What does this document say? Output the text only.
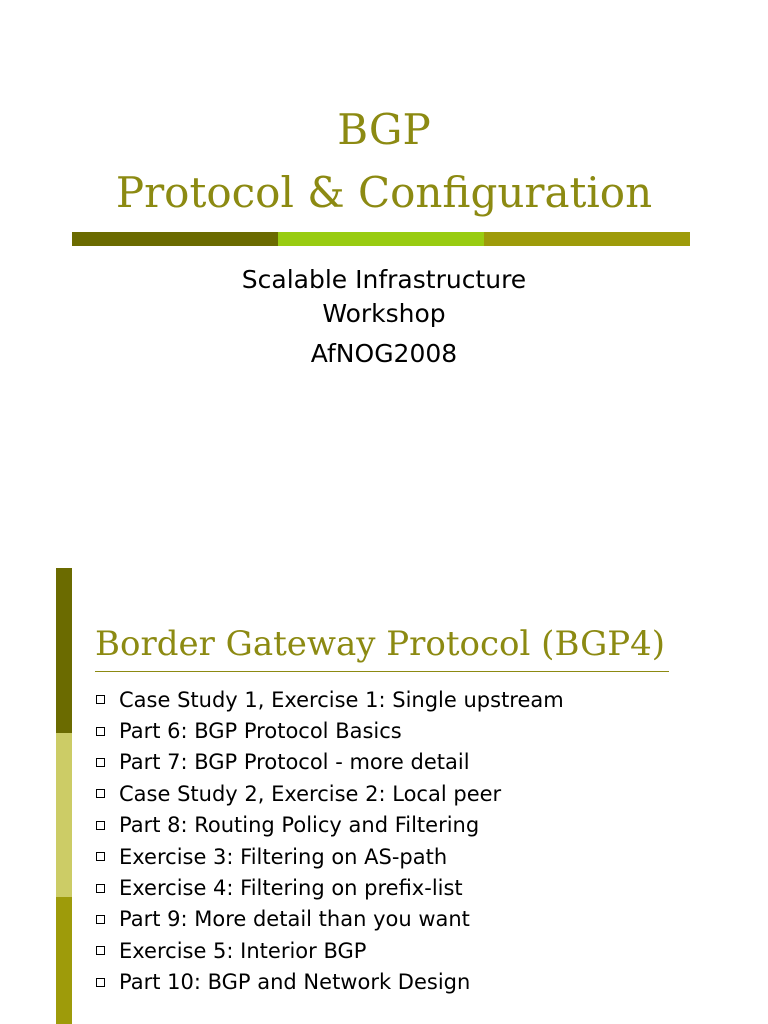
BGP
Protocol & Configuration
Scalable Infrastructure
Workshop
AfNOG2008
Border Gateway Protocol (BGP4)
Case Study 1, Exercise 1: Single upstream
Part 6: BGP Protocol Basics
Part 7: BGP Protocol - more detail
Case Study 2, Exercise 2: Local peer
Part 8: Routing Policy and Filtering
Exercise 3: Filtering on AS-path
Exercise 4: Filtering on prefix-list
Part 9: More detail than you want
Exercise 5: Interior BGP
Part 10: BGP and Network Design
